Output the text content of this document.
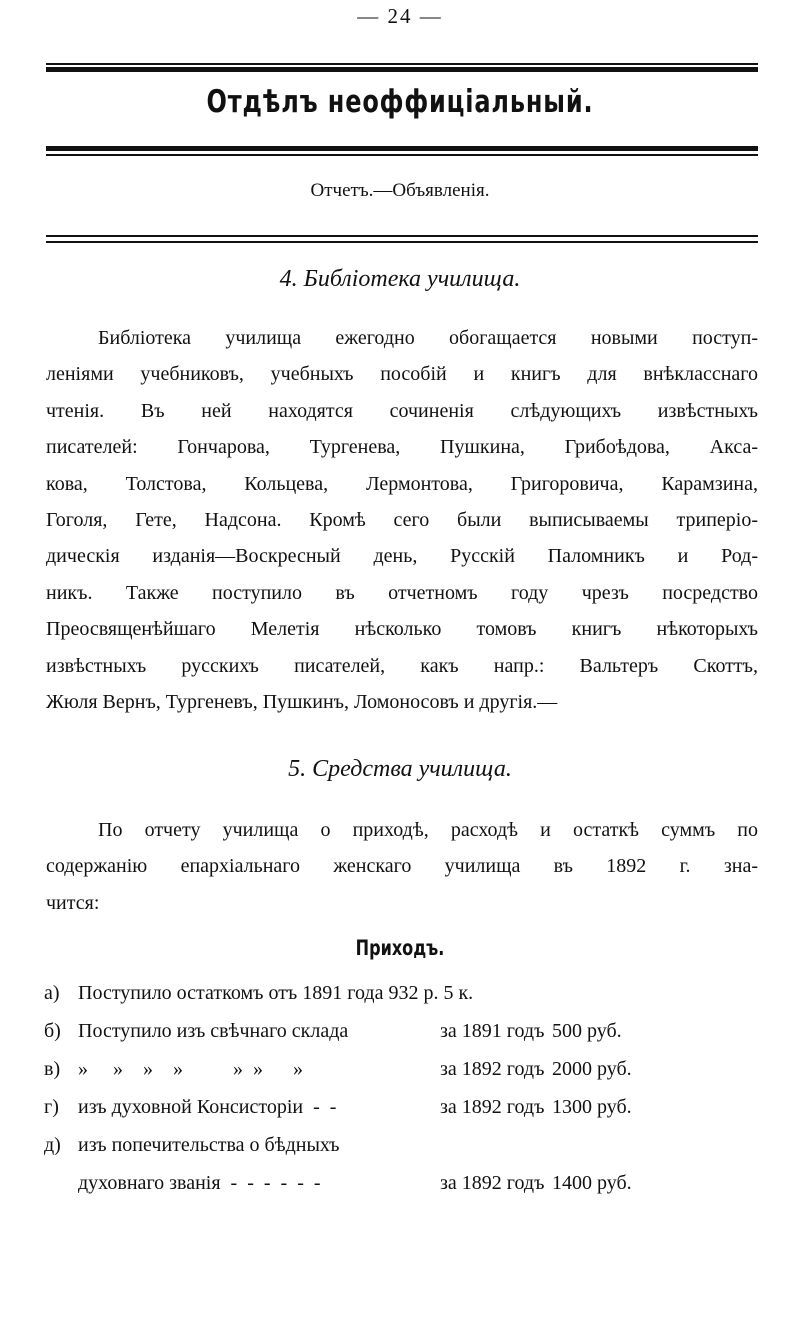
— 24 —
Отдѣлъ неоффиціальный.
Отчетъ.—Объявленія.
4. Библіотека училища.
Библіотека училища ежегодно обогащается новыми поступ-
леніями учебниковъ, учебныхъ пособій и книгъ для внѣкласснаго
чтенія. Въ ней находятся сочиненія слѣдующихъ извѣстныхъ
писателей: Гончарова, Тургенева, Пушкина, Грибоѣдова, Акса-
кова, Толстова, Кольцева, Лермонтова, Григоровича, Карамзина,
Гоголя, Гете, Надсона. Кромѣ сего были выписываемы триперіо-
дическія изданія—Воскресный день, Русскій Паломникъ и Род-
никъ. Также поступило въ отчетномъ году чрезъ посредство
Преосвященѣйшаго Мелетія нѣсколько томовъ книгъ нѣкоторыхъ
извѣстныхъ русскихъ писателей, какъ напр.: Вальтеръ Скоттъ,
Жюля Вернъ, Тургеневъ, Пушкинъ, Ломоносовъ и другія.—
5. Средства училища.
По отчету училища о приходѣ, расходѣ и остаткѣ суммъ по
содержанію епархіальнаго женскаго училища въ 1892 г. зна-
чится:
Приходъ.
а) Поступило остаткомъ отъ 1891 года 932 р. 5 к.
б) Поступило изъ свѣчнаго склада	за 1891 годъ 500 руб.
в) »     »    »    »          »  »      »	за 1892 годъ 2000 руб.
г) изъ духовной Консисторіи  -  -	за 1892 годъ 1300 руб.
д) изъ попечительства о бѣдныхъ
духовнаго званія  -  -  -  -  -  -	за 1892 годъ 1400 руб.
